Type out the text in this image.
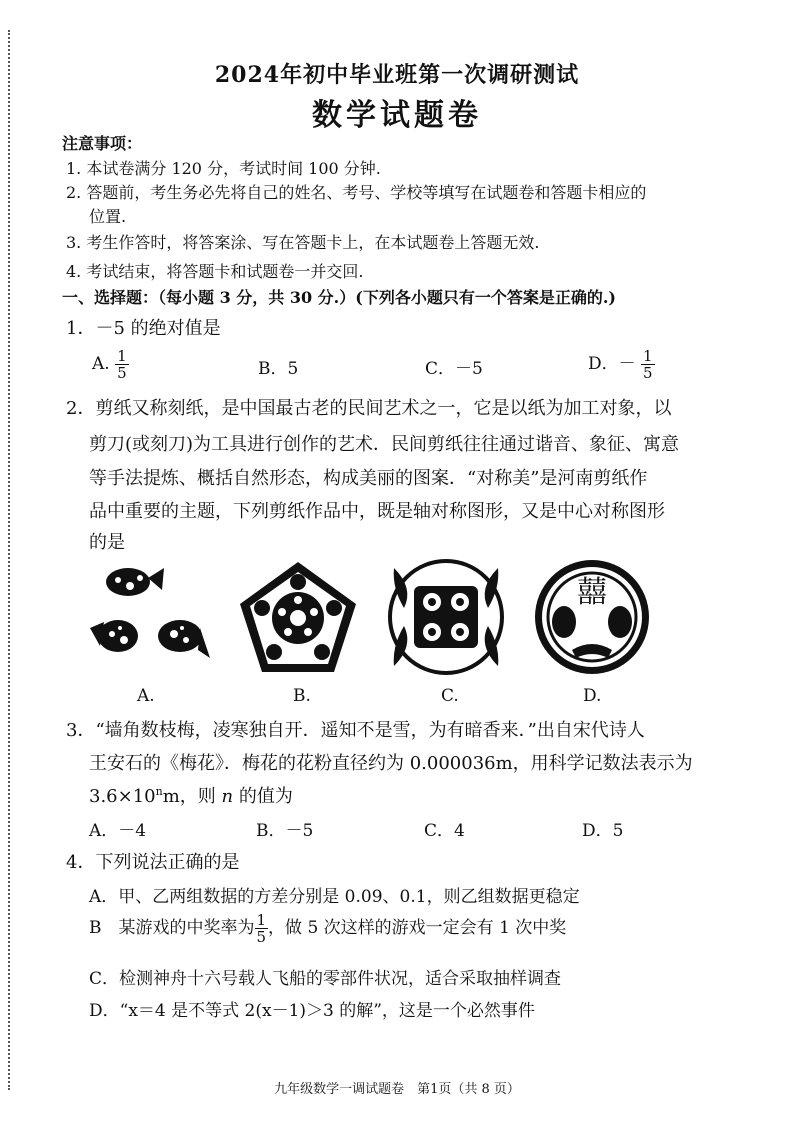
2024年初中毕业班第一次调研测试
数学试题卷
注意事项：
1. 本试卷满分 120 分，考试时间 100 分钟.
2. 答题前，考生务必先将自己的姓名、考号、学校等填写在试题卷和答题卡相应的
位置.
3. 考生作答时，将答案涂、写在答题卡上，在本试题卷上答题无效.
4. 考试结束，将答题卡和试题卷一并交回.
一、选择题：（每小题 3 分，共 30 分.）(下列各小题只有一个答案是正确的.)
1．－5 的绝对值是
A. $\frac{1}{5}$	B．5	C．－5	D．－ $\frac{1}{5}$
2．剪纸又称刻纸，是中国最古老的民间艺术之一，它是以纸为加工对象，以
剪刀(或刻刀)为工具进行创作的艺术．民间剪纸往往通过谐音、象征、寓意
等手法提炼、概括自然形态，构成美丽的图案．“对称美”是河南剪纸作
品中重要的主题，下列剪纸作品中，既是轴对称图形，又是中心对称图形
的是
囍
A.	B.	C.	D.
3．“墙角数枝梅，凌寒独自开．遥知不是雪，为有暗香来．”出自宋代诗人
王安石的《梅花》．梅花的花粉直径约为 0.000036m，用科学记数法表示为
$3.6\times 10^nm$，则 n 的值为
A．－4	B．－5	C．4	D．5
4．下列说法正确的是
A．甲、乙两组数据的方差分别是 0.09、0.1，则乙组数据更稳定
B　某游戏的中奖率为 $\frac{1}{5}$ ，做 5 次这样的游戏一定会有 1 次中奖
C．检测神舟十六号载人飞船的零部件状况，适合采取抽样调查
D．“x＝4 是不等式 2(x－1)＞3 的解”，这是一个必然事件
九年级数学一调试题卷　第1页（共 8 页）
